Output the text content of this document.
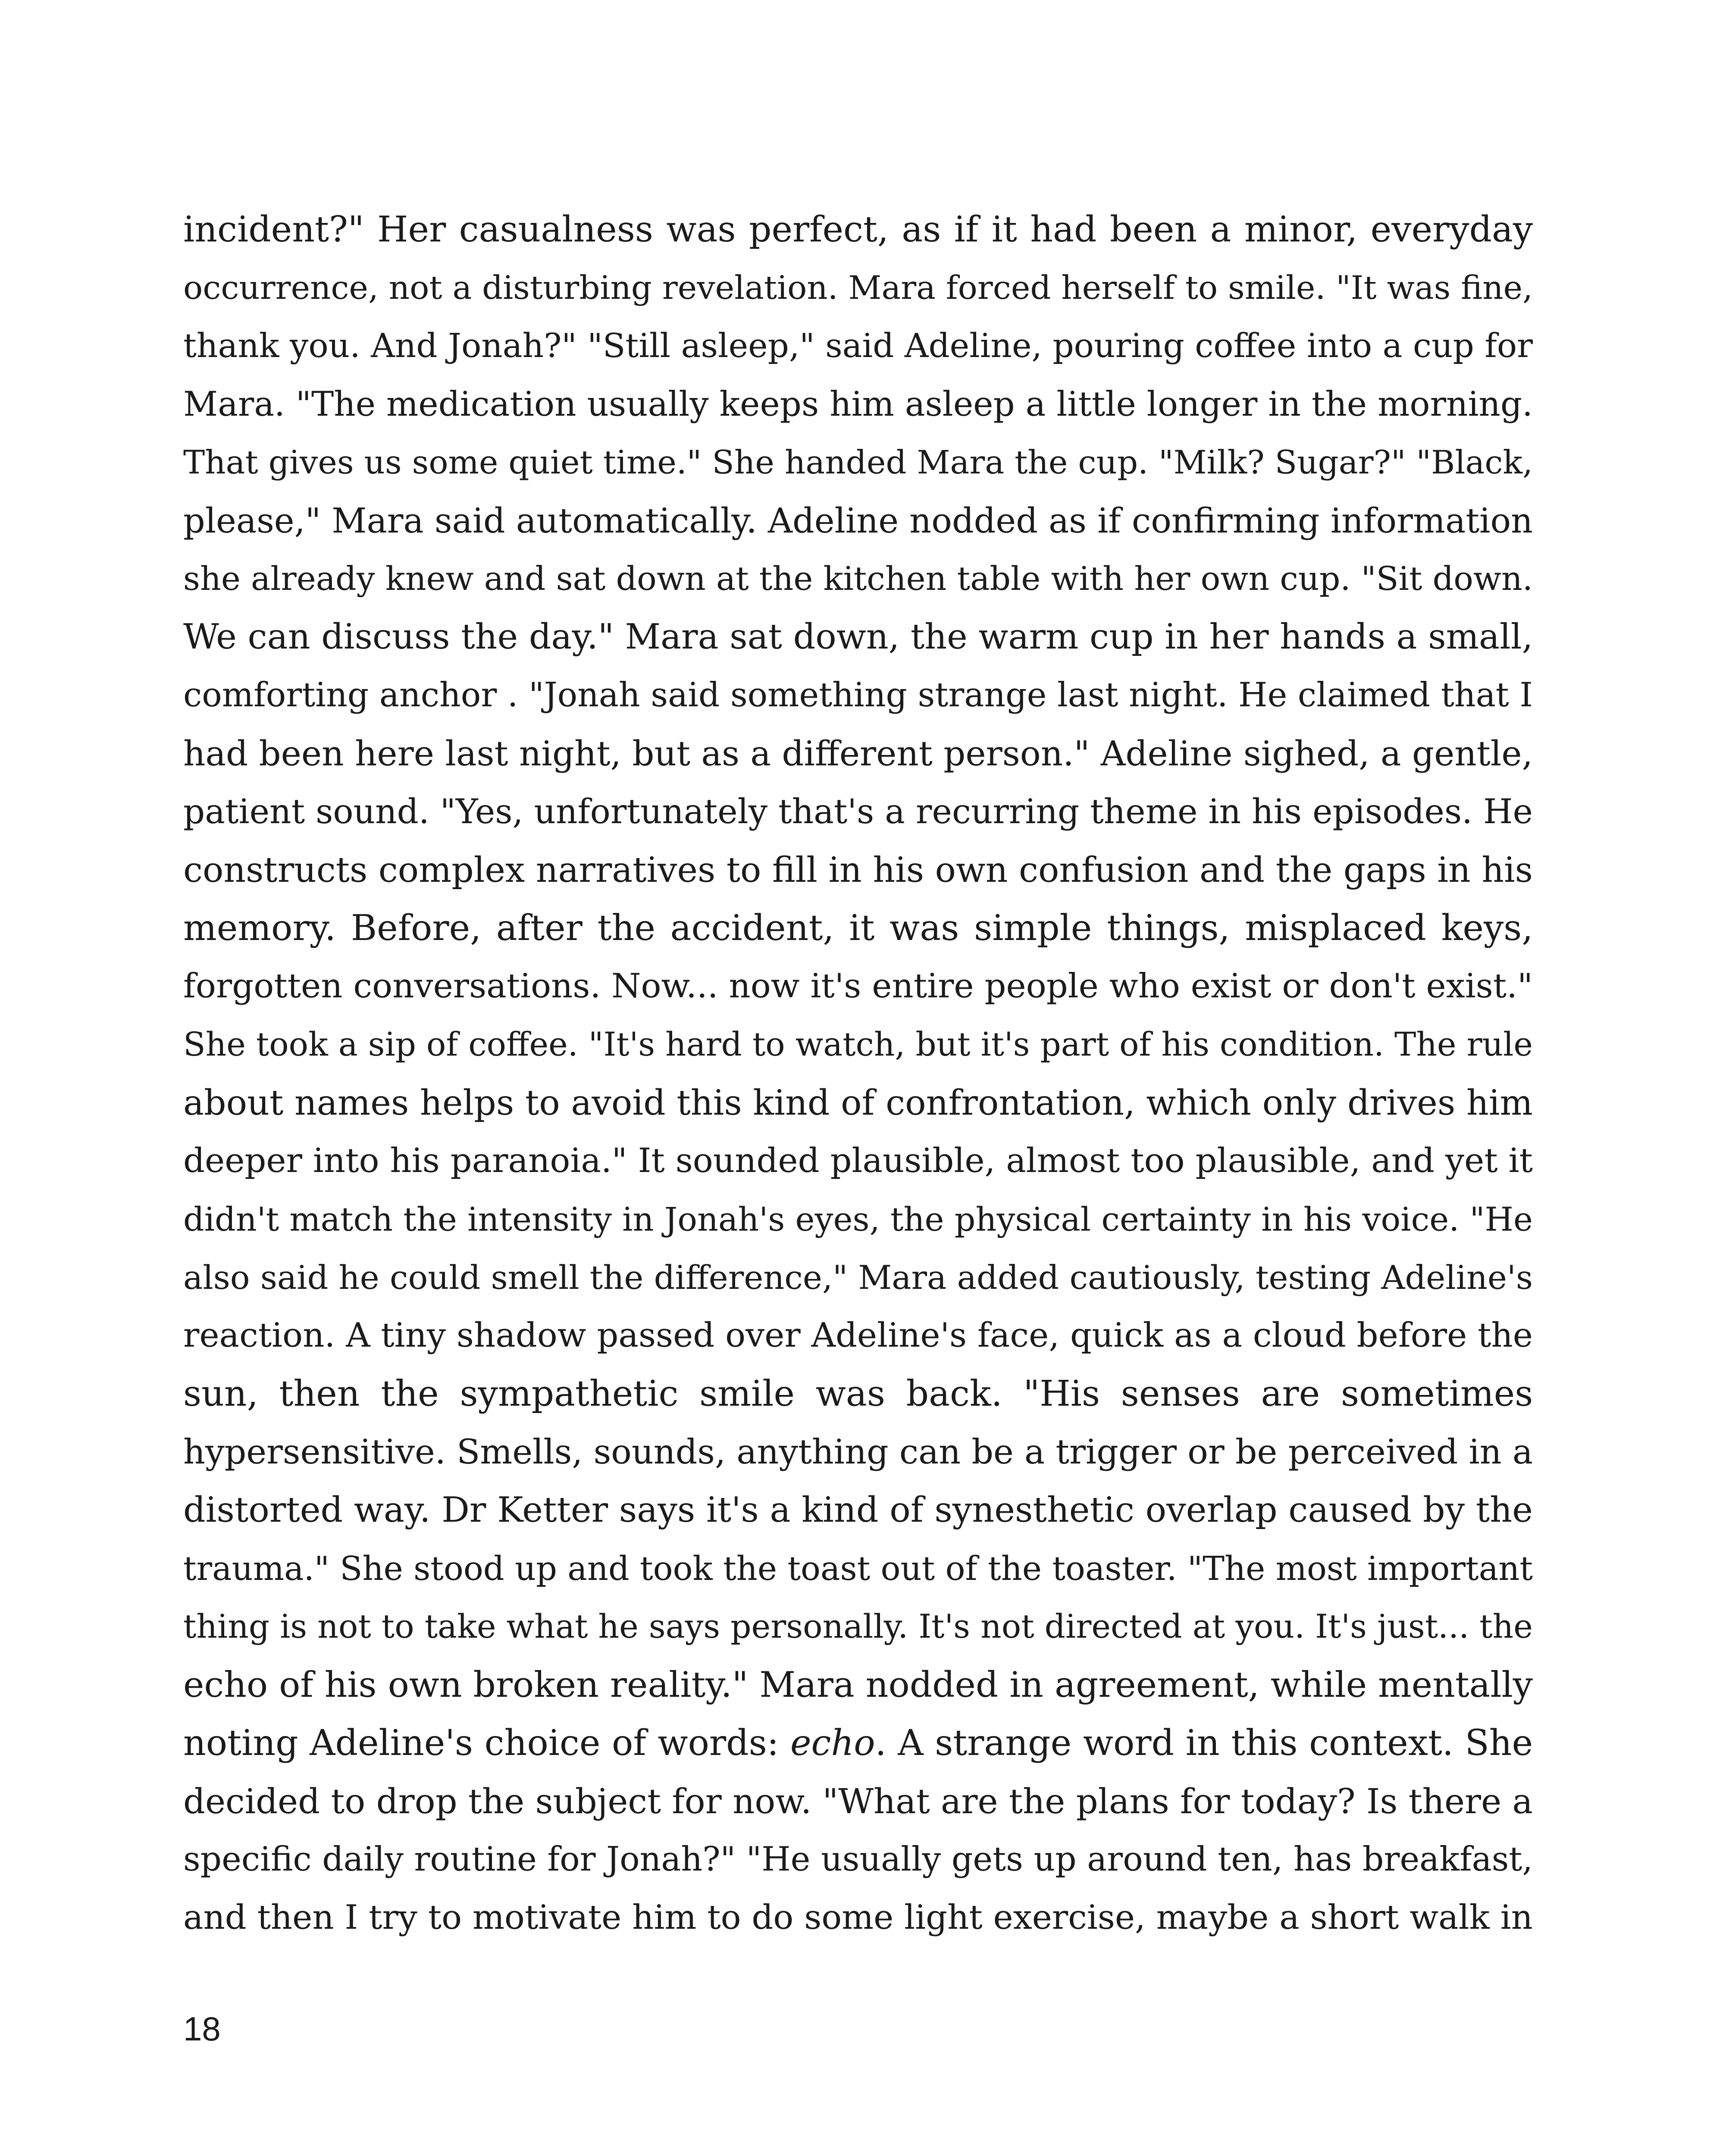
incident?" Her casualness was perfect, as if it had been a minor, everyday
occurrence, not a disturbing revelation. Mara forced herself to smile. "It was fine,
thank you. And Jonah?" "Still asleep," said Adeline, pouring coffee into a cup for
Mara. "The medication usually keeps him asleep a little longer in the morning.
That gives us some quiet time." She handed Mara the cup. "Milk? Sugar?" "Black,
please," Mara said automatically. Adeline nodded as if confirming information
she already knew and sat down at the kitchen table with her own cup. "Sit down.
We can discuss the day." Mara sat down, the warm cup in her hands a small,
comforting anchor . "Jonah said something strange last night. He claimed that I
had been here last night, but as a different person." Adeline sighed, a gentle,
patient sound. "Yes, unfortunately that's a recurring theme in his episodes. He
constructs complex narratives to fill in his own confusion and the gaps in his
memory. Before, after the accident, it was simple things, misplaced keys,
forgotten conversations. Now... now it's entire people who exist or don't exist."
She took a sip of coffee. "It's hard to watch, but it's part of his condition. The rule
about names helps to avoid this kind of confrontation, which only drives him
deeper into his paranoia." It sounded plausible, almost too plausible, and yet it
didn't match the intensity in Jonah's eyes, the physical certainty in his voice. "He
also said he could smell the difference," Mara added cautiously, testing Adeline's
reaction. A tiny shadow passed over Adeline's face, quick as a cloud before the
sun, then the sympathetic smile was back. "His senses are sometimes
hypersensitive. Smells, sounds, anything can be a trigger or be perceived in a
distorted way. Dr Ketter says it's a kind of synesthetic overlap caused by the
trauma." She stood up and took the toast out of the toaster. "The most important
thing is not to take what he says personally. It's not directed at you. It's just... the
echo of his own broken reality." Mara nodded in agreement, while mentally
noting Adeline's choice of words: echo. A strange word in this context. She
decided to drop the subject for now. "What are the plans for today? Is there a
specific daily routine for Jonah?" "He usually gets up around ten, has breakfast,
and then I try to motivate him to do some light exercise, maybe a short walk in
18
